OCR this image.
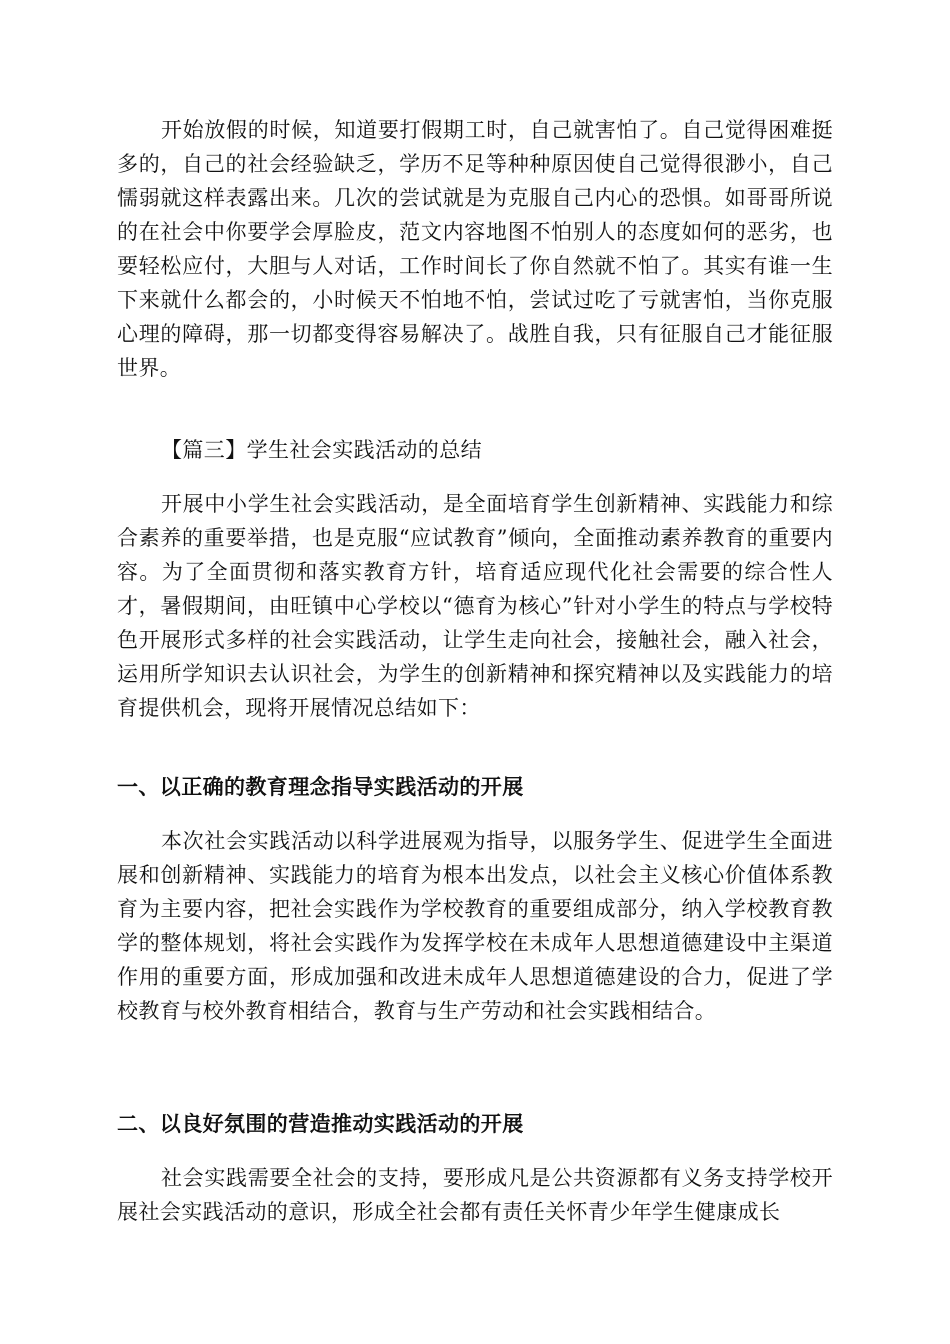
开始放假的时候，知道要打假期工时，自己就害怕了。自己觉得困难挺多的，自己的社会经验缺乏，学历不足等种种原因使自己觉得很渺小，自己懦弱就这样表露出来。几次的尝试就是为克服自己内心的恐惧。如哥哥所说的在社会中你要学会厚脸皮，范文内容地图不怕别人的态度如何的恶劣，也要轻松应付，大胆与人对话，工作时间长了你自然就不怕了。其实有谁一生下来就什么都会的，小时候天不怕地不怕，尝试过吃了亏就害怕，当你克服心理的障碍，那一切都变得容易解决了。战胜自我，只有征服自己才能征服世界。

【篇三】学生社会实践活动的总结

开展中小学生社会实践活动，是全面培育学生创新精神、实践能力和综合素养的重要举措，也是克服“应试教育”倾向，全面推动素养教育的重要内容。为了全面贯彻和落实教育方针，培育适应现代化社会需要的综合性人才，暑假期间，由旺镇中心学校以“德育为核心”针对小学生的特点与学校特色开展形式多样的社会实践活动，让学生走向社会，接触社会，融入社会，运用所学知识去认识社会，为学生的创新精神和探究精神以及实践能力的培育提供机会，现将开展情况总结如下：

一、以正确的教育理念指导实践活动的开展

本次社会实践活动以科学进展观为指导，以服务学生、促进学生全面进展和创新精神、实践能力的培育为根本出发点，以社会主义核心价值体系教育为主要内容，把社会实践作为学校教育的重要组成部分，纳入学校教育教学的整体规划，将社会实践作为发挥学校在未成年人思想道德建设中主渠道作用的重要方面，形成加强和改进未成年人思想道德建设的合力，促进了学校教育与校外教育相结合，教育与生产劳动和社会实践相结合。

二、以良好氛围的营造推动实践活动的开展

社会实践需要全社会的支持，要形成凡是公共资源都有义务支持学校开展社会实践活动的意识，形成全社会都有责任关怀青少年学生健康成长
